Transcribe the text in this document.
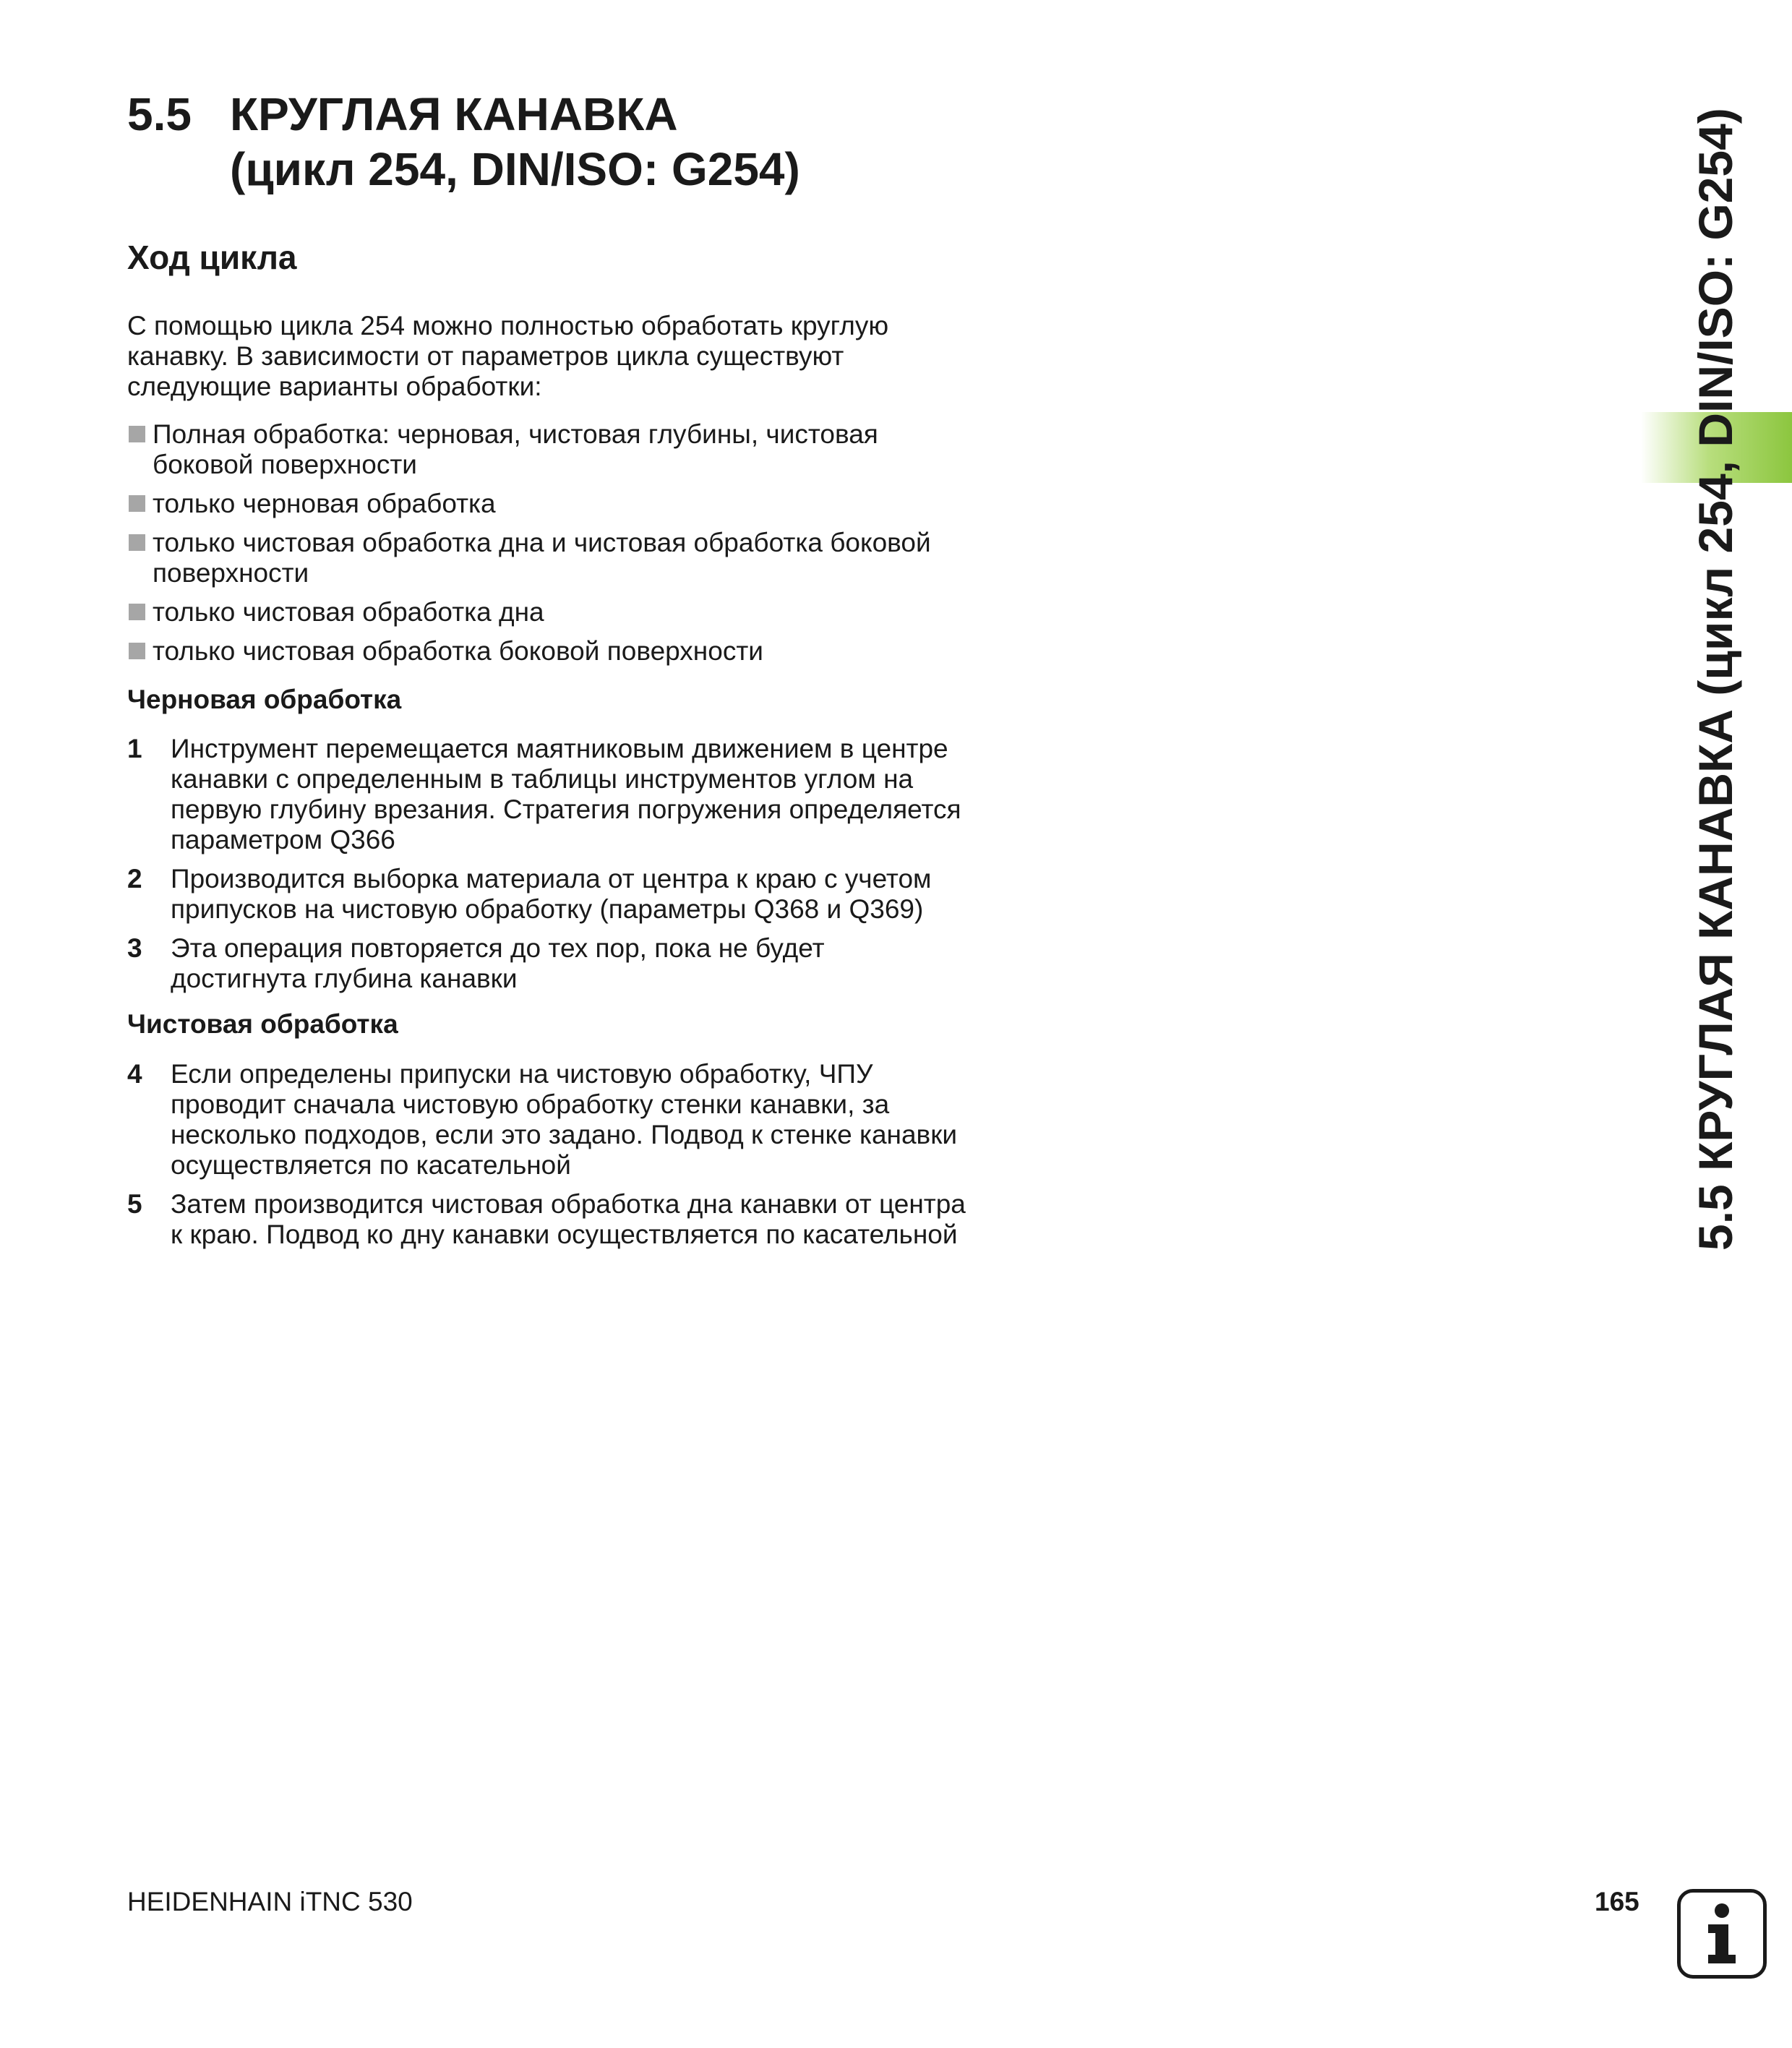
5.5 КРУГЛАЯ КАНАВКА
(цикл 254, DIN/ISO: G254)
Ход цикла

С помощью цикла 254 можно полностью обработать круглую канавку. В зависимости от параметров цикла существуют следующие варианты обработки:

Полная обработка: черновая, чистовая глубины, чистовая боковой поверхности
только черновая обработка
только чистовая обработка дна и чистовая обработка боковой поверхности
только чистовая обработка дна
только чистовая обработка боковой поверхности
Черновая обработка
1 Инструмент перемещается маятниковым движением в центре канавки с определенным в таблицы инструментов углом на первую глубину врезания. Стратегия погружения определяется параметром Q366
2 Производится выборка материала от центра к краю с учетом припусков на чистовую обработку (параметры Q368 и Q369)
3 Эта операция повторяется до тех пор, пока не будет достигнута глубина канавки
Чистовая обработка
4 Если определены припуски на чистовую обработку, ЧПУ проводит сначала чистовую обработку стенки канавки, за несколько подходов, если это задано. Подвод к стенке канавки осуществляется по касательной
5 Затем производится чистовая обработка дна канавки от центра к краю. Подвод ко дну канавки осуществляется по касательной	5.5 КРУГЛАЯ КАНАВКА (цикл 254, DIN/ISO: G254)
HEIDENHAIN iTNC 530	165
